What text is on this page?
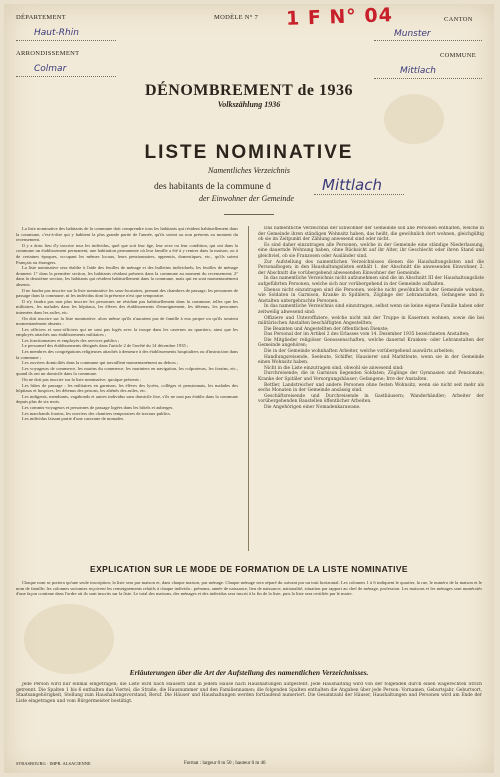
DÉPARTEMENT
Haut-Rhin
ARRONDISSEMENT
Colmar
MODÈLE N° 7 1 F N° 04	CANTON
Munster
COMMUNE
Mittlach
DÉNOMBREMENT de 1936
Volkszählung 1936
LISTE NOMINATIVE
Namentliches Verzeichnis
des habitants de la commune d	Mittlach
der Einwohner der Gemeinde

La liste nominative des habitants de la commune doit comprendre tous les habitants qui résident habituellement dans la commune, c'est-à-dire qui y habitent la plus grande partie de l'année, qu'ils soient ou non présents au moment du recensement.

Il y a donc lieu d'y inscrire tous les individus, quel que soit leur âge, leur sexe ou leur condition, qui ont dans la commune un établissement permanent, une habitation permanente où leur famille a été à y rentrer dans la maison, ou à de certaines époques, occupant les mêmes locaux, leurs pensionnaires, apprentis, domestiques, etc., qu'ils soient Français ou étrangers.

La liste nominative sera établie à l'aide des feuilles de ménage et des bulletins individuels; les feuilles de ménage donnent: 1° dans la première section, les habitants résidant présents dans la commune au moment du recensement; 2° dans la deuxième section, les habitants qui résident habituellement dans la commune, mais qui en sont momentanément absents.

Il ne faudra pas inscrire sur la liste nominative les sous-locataires, prenant des chambres de passage, les personnes de passage dans la commune, ni les individus dont la présence n'est que temporaire.

Il n'y faudra pas non plus inscrire les personnes ne résidant pas habituellement dans la commune, telles que les militaires, les malades dans les hôpitaux, les élèves des établissements d'enseignement, les détenus, les personnes internées dans les asiles, etc.

On doit inscrire sur la liste nominative, alors même qu'ils n'auraient pas de famille à eux propre ou qu'ils seraient momentanément absents :

Les officiers et sous-officiers qui ne sont pas logés avec la troupe dans les casernes ou quartiers, ainsi que les employés attachés aux établissements militaires ;

Les fonctionnaires et employés des services publics ;

Le personnel des établissements désignés dans l'article 2 de l'arrêté du 14 décembre 1935 ;

Les membres des congrégations religieuses attachés à demeure à des établissements hospitaliers ou d'instruction dans la commune ;

Les ouvriers domiciliés dans la commune qui travaillent momentanément au dehors ;

Les voyageurs de commerce, les marins du commerce, les mariniers en navigation, les colporteurs, les forains, etc., quand ils ont un domicile dans la commune.

On ne doit pas inscrire sur la liste nominative, quoique présents :

Les hôtes de passage ; les militaires en garnison, les élèves des lycées, collèges et pensionnats, les malades des hôpitaux et hospices, les détenus des prisons, les aliénés des asiles, etc.

Les indigents, mendiants, vagabonds et autres individus sans domicile fixe, s'ils ne sont pas établis dans la commune depuis plus de six mois.

Les commis-voyageurs et personnes de passage logées dans les hôtels et auberges.

Les marchands forains, les ouvriers des chantiers temporaires de travaux publics.

Les individus faisant partie d'une caravane de nomades.

Das namentliche Verzeichnis der Einwohner der Gemeinde soll alle Personen enthalten, welche in der Gemeinde ihren ständigen Wohnsitz haben, das heißt, die gewöhnlich dort wohnen, gleichgültig ob sie im Zeitpunkt der Zählung anwesend sind oder nicht.

Es sind daher einzutragen alle Personen, welche in der Gemeinde eine ständige Niederlassung, eine dauernde Wohnung haben, ohne Rücksicht auf ihr Alter, ihr Geschlecht oder ihren Stand und gleichviel, ob sie Franzosen oder Ausländer sind.

Zur Aufstellung des namentlichen Verzeichnisses dienen die Haushaltungslisten und die Personalbogen; in den Haushaltungslisten enthält 1. der Abschnitt die anwesenden Einwohner, 2. der Abschnitt die vorübergehend abwesenden Einwohner der Gemeinde.

In das namentliche Verzeichnis nicht aufzunehmen sind die im Abschnitt III der Haushaltungsliste aufgeführten Personen, welche sich nur vorübergehend in der Gemeinde aufhalten.

Ebenso nicht einzutragen sind die Personen, welche nicht gewöhnlich in der Gemeinde wohnen, wie Soldaten in Garnison, Kranke in Spitälern, Zöglinge der Lehranstalten, Gefangene und in Anstalten untergebrachte Personen.

In das namentliche Verzeichnis sind einzutragen, selbst wenn sie keine eigene Familie haben oder zeitweilig abwesend sind:

Offiziere und Unteroffiziere, welche nicht mit der Truppe in Kasernen wohnen, sowie die bei militärischen Anstalten beschäftigten Angestellten;

Die Beamten und Angestellten der öffentlichen Dienste;

Das Personal der im Artikel 2 des Erlasses vom 14. Dezember 1935 bezeichneten Anstalten;

Die Mitglieder religiöser Genossenschaften, welche dauernd Kranken- oder Lehranstalten der Gemeinde angehören;

Die in der Gemeinde wohnhaften Arbeiter, welche vorübergehend auswärts arbeiten;

Handlungsreisende, Seeleute, Schiffer, Hausierer und Marktleute, wenn sie in der Gemeinde einen Wohnsitz haben.

Nicht in die Liste einzutragen sind, obwohl sie anwesend sind:

Durchreisende; die in Garnison liegenden Soldaten; Zöglinge der Gymnasien und Pensionate; Kranke der Spitäler und Versorgungshäuser; Gefangene; Irre der Anstalten.

Bettler, Landstreicher und andere Personen ohne festen Wohnsitz, wenn sie nicht seit mehr als sechs Monaten in der Gemeinde ansässig sind.

Geschäftsreisende und Durchreisende in Gasthäusern; Wanderhändler; Arbeiter der vorübergehenden Baustellen öffentlicher Arbeiten.

Die Angehörigen einer Nomadenkarawane.

EXPLICATION SUR LE MODE DE FORMATION DE LA LISTE NOMINATIVE

Chaque nom se portera qu'une seule inscription; la liste sera par maison et, dans chaque maison, par ménage. Chaque ménage sera séparé du suivant par un trait horizontal. Les colonnes 1 à 6 indiquent le quartier, la rue, le numéro de la maison et le nom de famille; les colonnes suivantes reçoivent les renseignements relatifs à chaque individu : prénoms, année de naissance, lieu de naissance, nationalité, situation par rapport au chef de ménage, profession. Les maisons et les ménages sont numérotés d'une façon continue dans l'ordre où ils sont inscrits sur la liste. Le total des maisons, des ménages et des individus sera inscrit à la fin de la liste, puis la liste sera certifiée par le maire.

Erläuterungen über die Art der Aufstellung des namentlichen Verzeichnisses.

Jede Person wird nur einmal eingetragen; die Liste wird nach Häusern und in jedem Hause nach Haushaltungen aufgestellt. Jede Haushaltung wird von der folgenden durch einen wagerechten Strich getrennt. Die Spalten 1 bis 6 enthalten das Viertel, die Straße, die Hausnummer und den Familiennamen; die folgenden Spalten enthalten die Angaben über jede Person: Vornamen, Geburtsjahr, Geburtsort, Staatsangehörigkeit, Stellung zum Haushaltungsvorstand, Beruf. Die Häuser und Haushaltungen werden fortlaufend numeriert. Die Gesamtzahl der Häuser, Haushaltungen und Personen wird am Ende der Liste eingetragen und vom Bürgermeister bestätigt.

STRASBOURG · IMPR. ALSACIENNE	Format : largeur 0 m 50 ; hauteur 0 m 46
